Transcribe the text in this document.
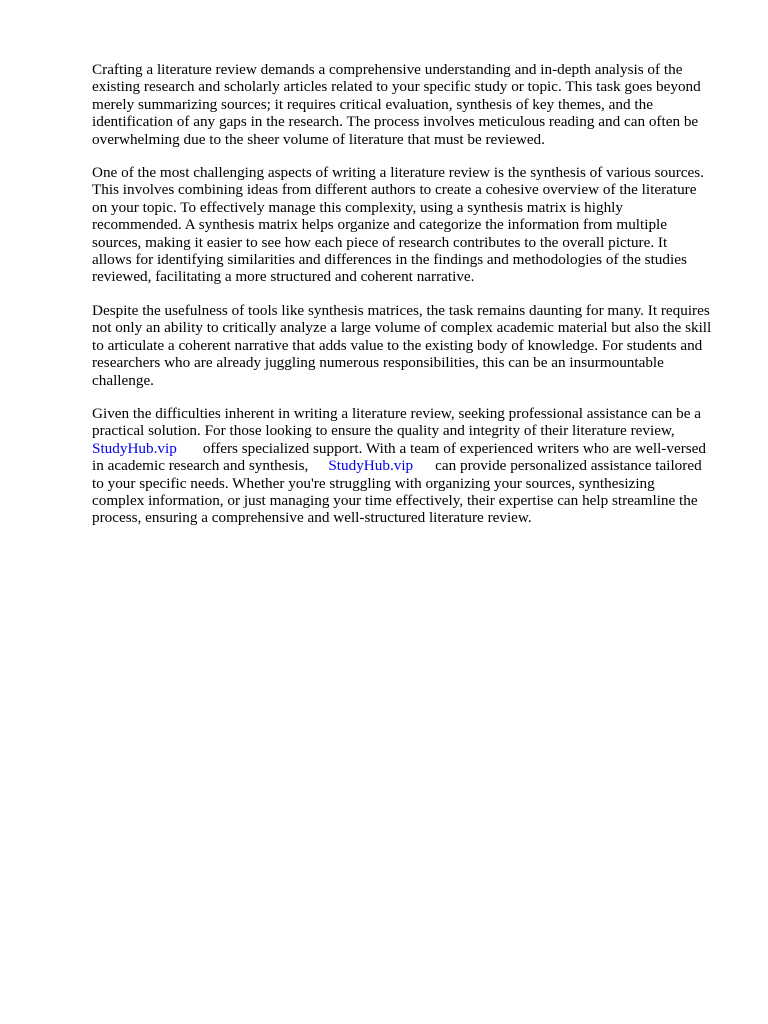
Crafting a literature review demands a comprehensive understanding and in-depth analysis of the
existing research and scholarly articles related to your specific study or topic. This task goes beyond
merely summarizing sources; it requires critical evaluation, synthesis of key themes, and the
identification of any gaps in the research. The process involves meticulous reading and can often be
overwhelming due to the sheer volume of literature that must be reviewed.

One of the most challenging aspects of writing a literature review is the synthesis of various sources.
This involves combining ideas from different authors to create a cohesive overview of the literature
on your topic. To effectively manage this complexity, using a synthesis matrix is highly
recommended. A synthesis matrix helps organize and categorize the information from multiple
sources, making it easier to see how each piece of research contributes to the overall picture. It
allows for identifying similarities and differences in the findings and methodologies of the studies
reviewed, facilitating a more structured and coherent narrative.

Despite the usefulness of tools like synthesis matrices, the task remains daunting for many. It requires
not only an ability to critically analyze a large volume of complex academic material but also the skill
to articulate a coherent narrative that adds value to the existing body of knowledge. For students and
researchers who are already juggling numerous responsibilities, this can be an insurmountable
challenge.

Given the difficulties inherent in writing a literature review, seeking professional assistance can be a
practical solution. For those looking to ensure the quality and integrity of their literature review,
StudyHub.vip offers specialized support. With a team of experienced writers who are well-versed
in academic research and synthesis, StudyHub.vip can provide personalized assistance tailored
to your specific needs. Whether you're struggling with organizing your sources, synthesizing
complex information, or just managing your time effectively, their expertise can help streamline the
process, ensuring a comprehensive and well-structured literature review.
